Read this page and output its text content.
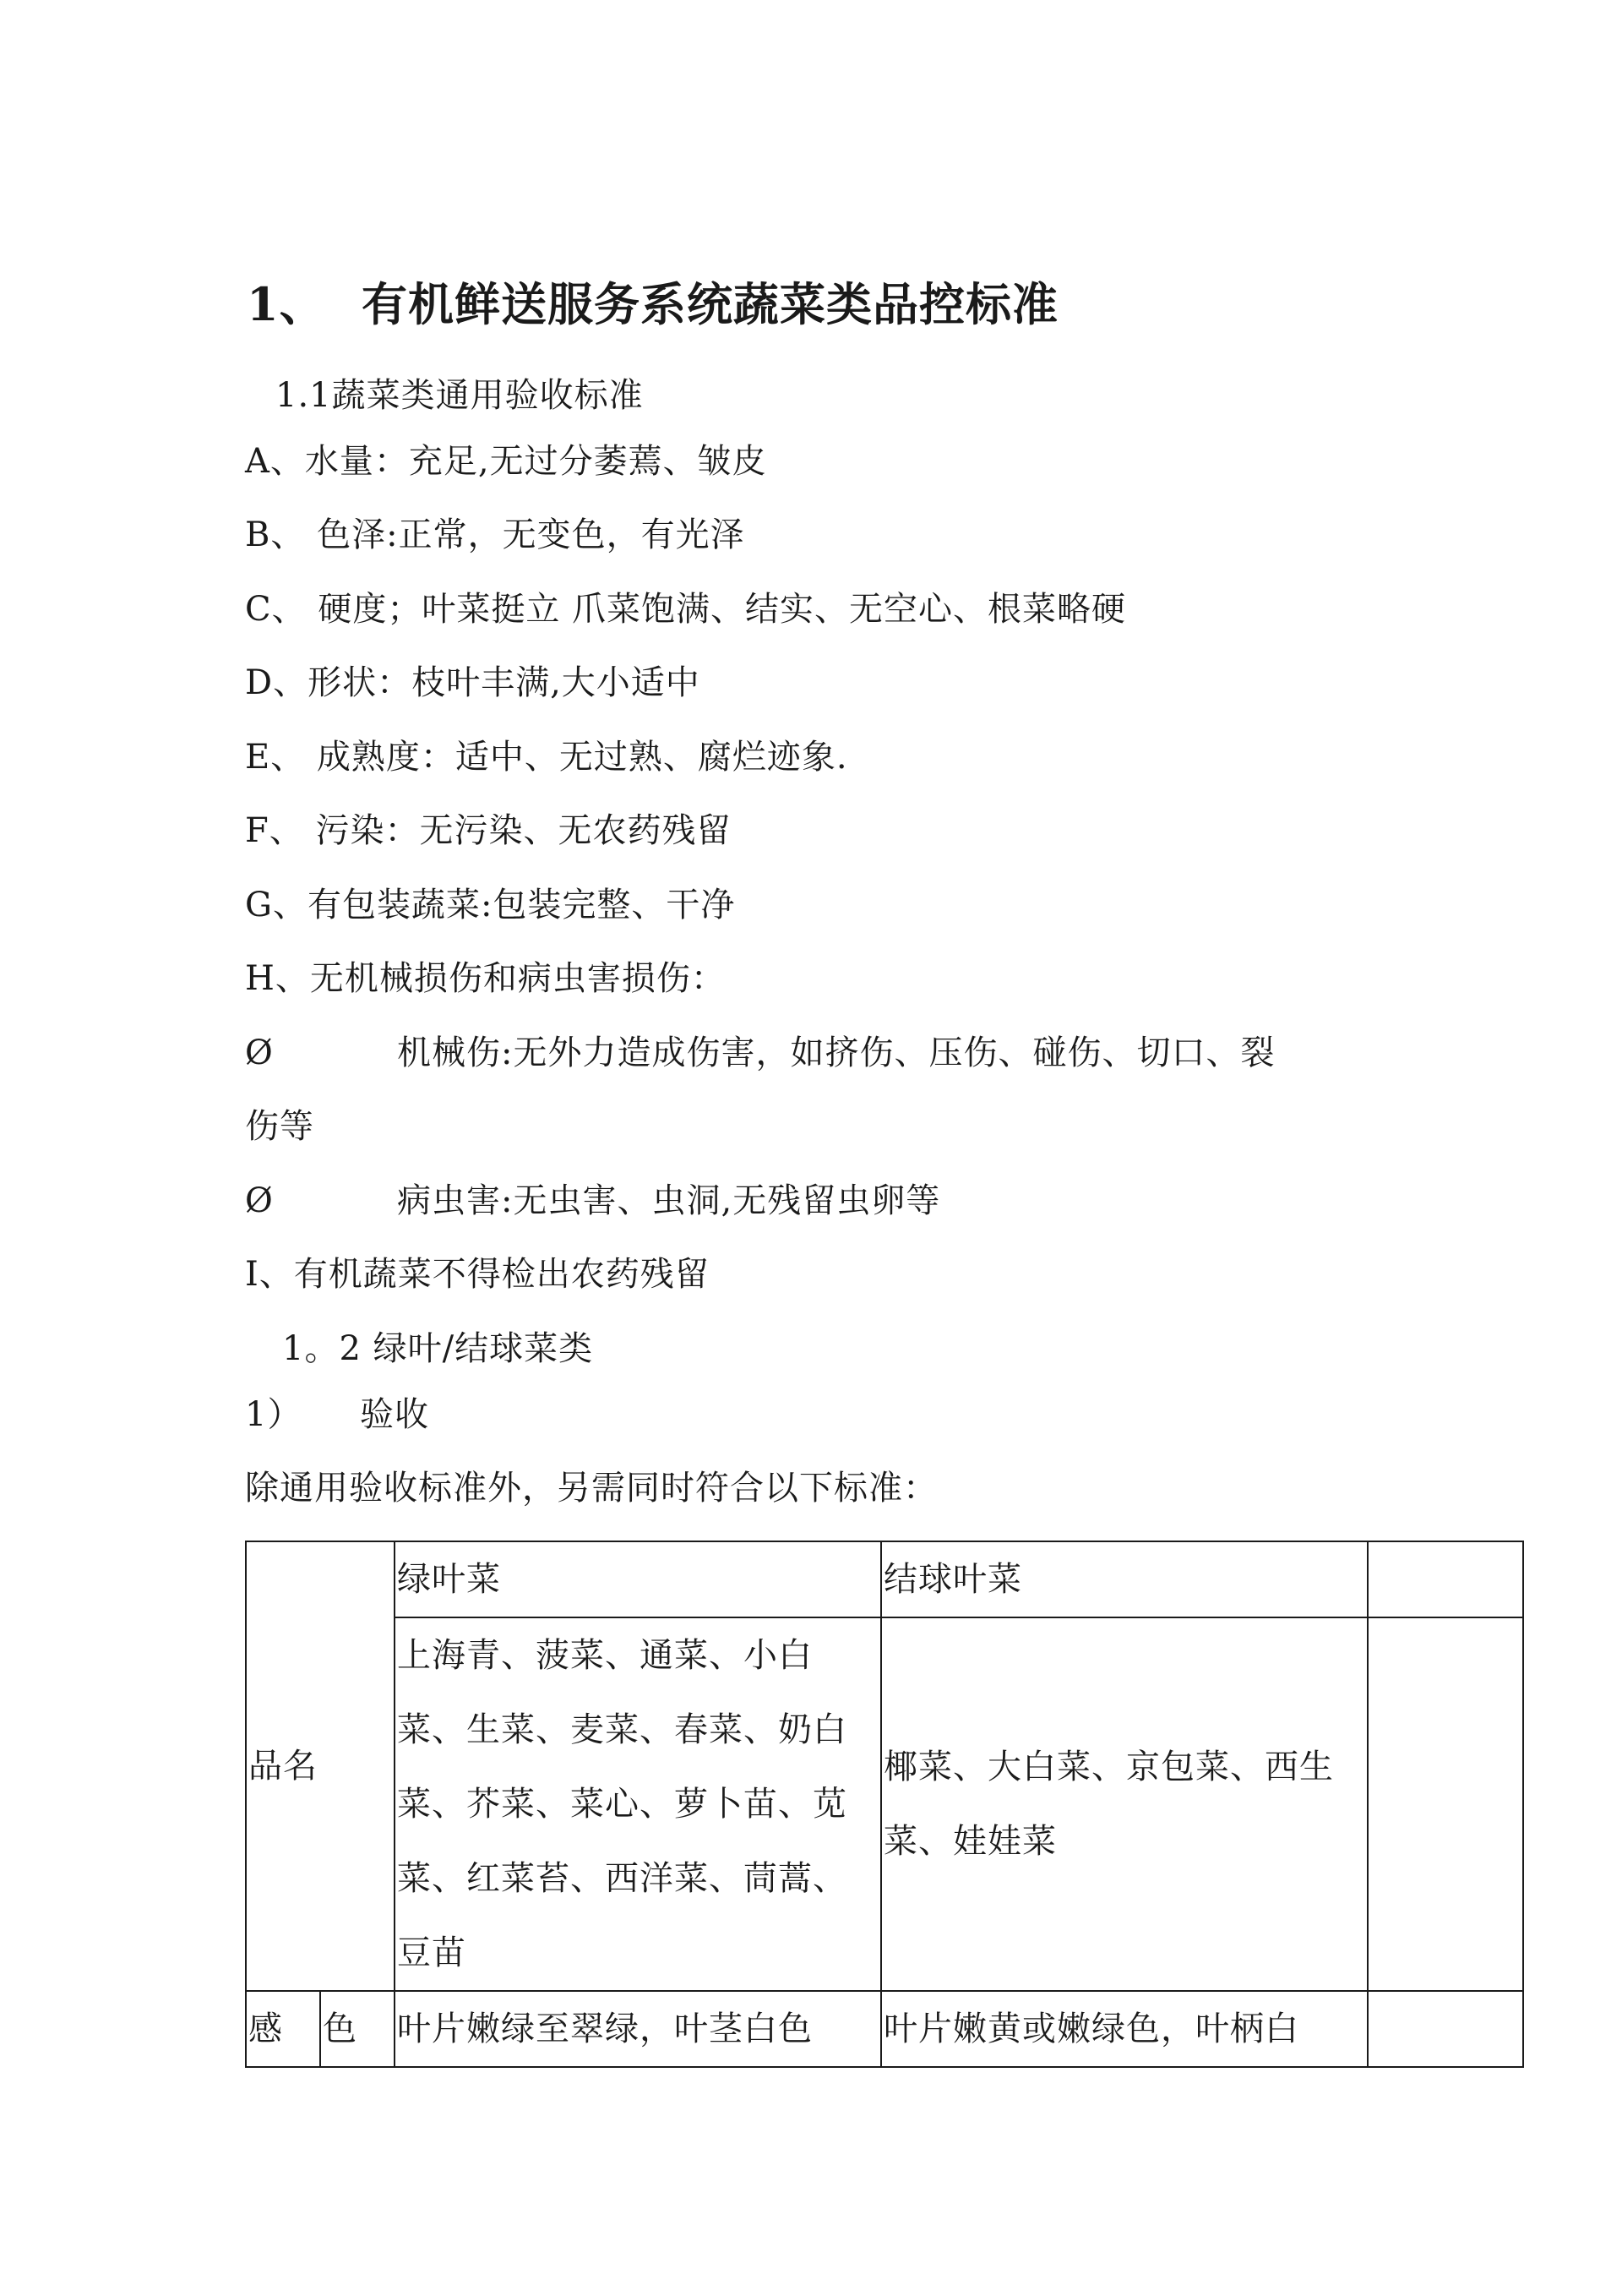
1、 有机鲜送服务系统蔬菜类品控标准
1.1蔬菜类通用验收标准
A、水量：充足,无过分萎蔫、皱皮
B、 色泽:正常，无变色，有光泽
C、 硬度；叶菜挺立 爪菜饱满、结实、无空心、根菜略硬
D、形状：枝叶丰满,大小适中
E、 成熟度：适中、无过熟、腐烂迹象.
F、 污染：无污染、无农药残留
G、有包装蔬菜:包装完整、干净
H、无机械损伤和病虫害损伤：
Ø	机械伤:无外力造成伤害，如挤伤、压伤、碰伤、切口、裂
伤等
Ø	病虫害:无虫害、虫洞,无残留虫卵等
I、有机蔬菜不得检出农药残留
1。2 绿叶/结球菜类
1） 验收
除通用验收标准外，另需同时符合以下标准：
品名		绿叶菜	结球叶菜	

		上海青、菠菜、通菜、小白菜、生菜、麦菜、春菜、奶白菜、芥菜、菜心、萝卜苗、苋菜、红菜苔、西洋菜、茼蒿、豆苗	椰菜、大白菜、京包菜、西生菜、娃娃菜	

感	色	叶片嫩绿至翠绿，叶茎白色	叶片嫩黄或嫩绿色，叶柄白	
